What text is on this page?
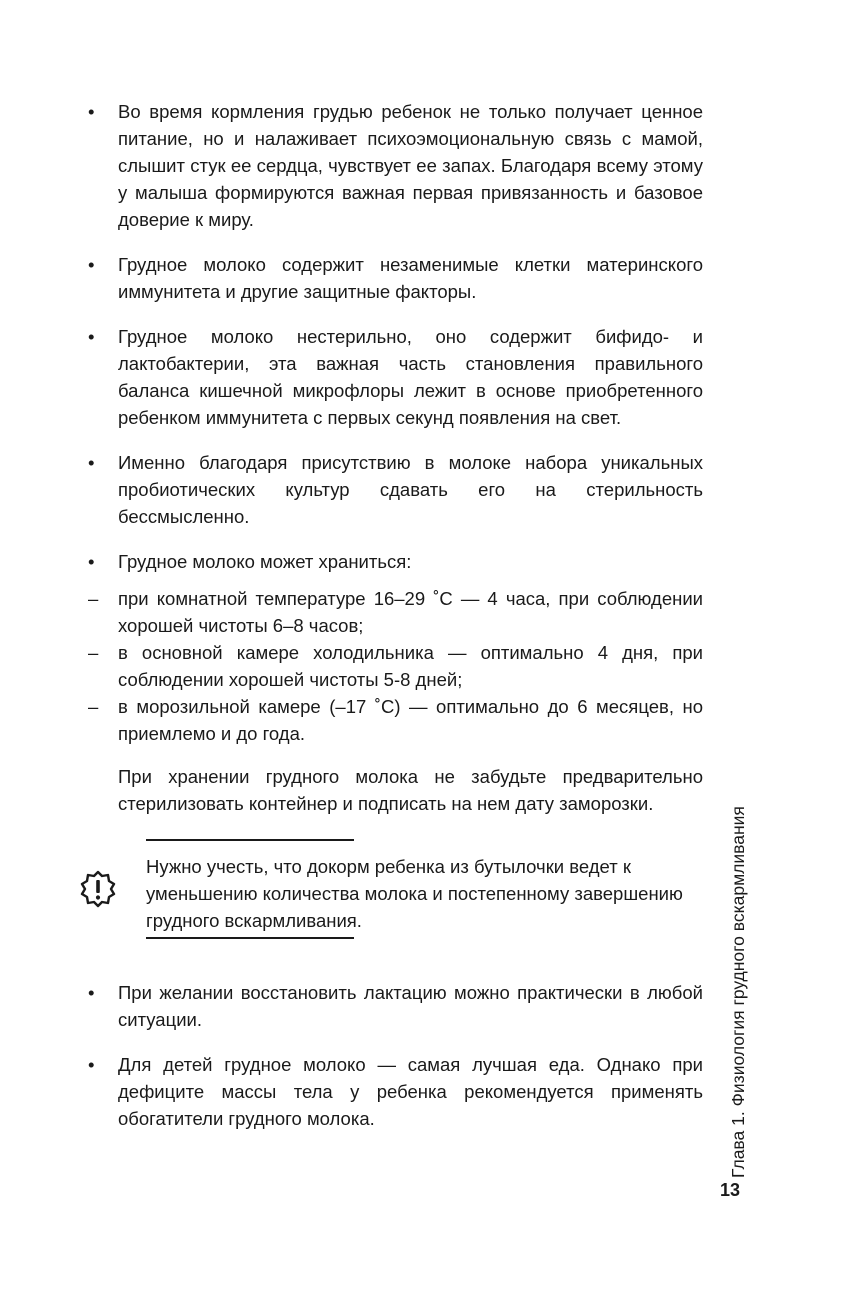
•	Во время кормления грудью ребенок не только получает ценное питание, но и налаживает психоэмоциональную связь с мамой, слышит стук ее сердца, чувствует ее запах. Благодаря всему этому у малыша формируются важная первая привязанность и базовое доверие к миру.
•	Грудное молоко содержит незаменимые клетки материнского иммунитета и другие защитные факторы.
•	Грудное молоко нестерильно, оно содержит бифидо- и лактобактерии, эта важная часть становления правильного баланса кишечной микрофлоры лежит в основе приобретенного ребенком иммунитета с первых секунд появления на свет.
•	Именно благодаря присутствию в молоке набора уникальных пробиотических культур сдавать его на стерильность бессмысленно.
•	Грудное молоко может храниться:
– при комнатной температуре 16–29 ˚С — 4 часа, при соблюдении хорошей чистоты 6–8 часов;
– в основной камере холодильника — оптимально 4 дня, при соблюдении хорошей чистоты 5-8 дней;
– в морозильной камере (–17 ˚С) — оптимально до 6 месяцев, но приемлемо и до года.

При хранении грудного молока не забудьте предварительно стерилизовать контейнер и подписать на нем дату заморозки.

Нужно учесть, что докорм ребенка из бутылочки ведет к уменьшению количества молока и постепенному завершению грудного вскармливания.
•	При желании восстановить лактацию можно практически в любой ситуации.
•	Для детей грудное молоко — самая лучшая еда. Однако при дефиците массы тела у ребенка рекомендуется применять обогатители грудного молока.	Глава 1. Физиология грудного вскармливания
13
